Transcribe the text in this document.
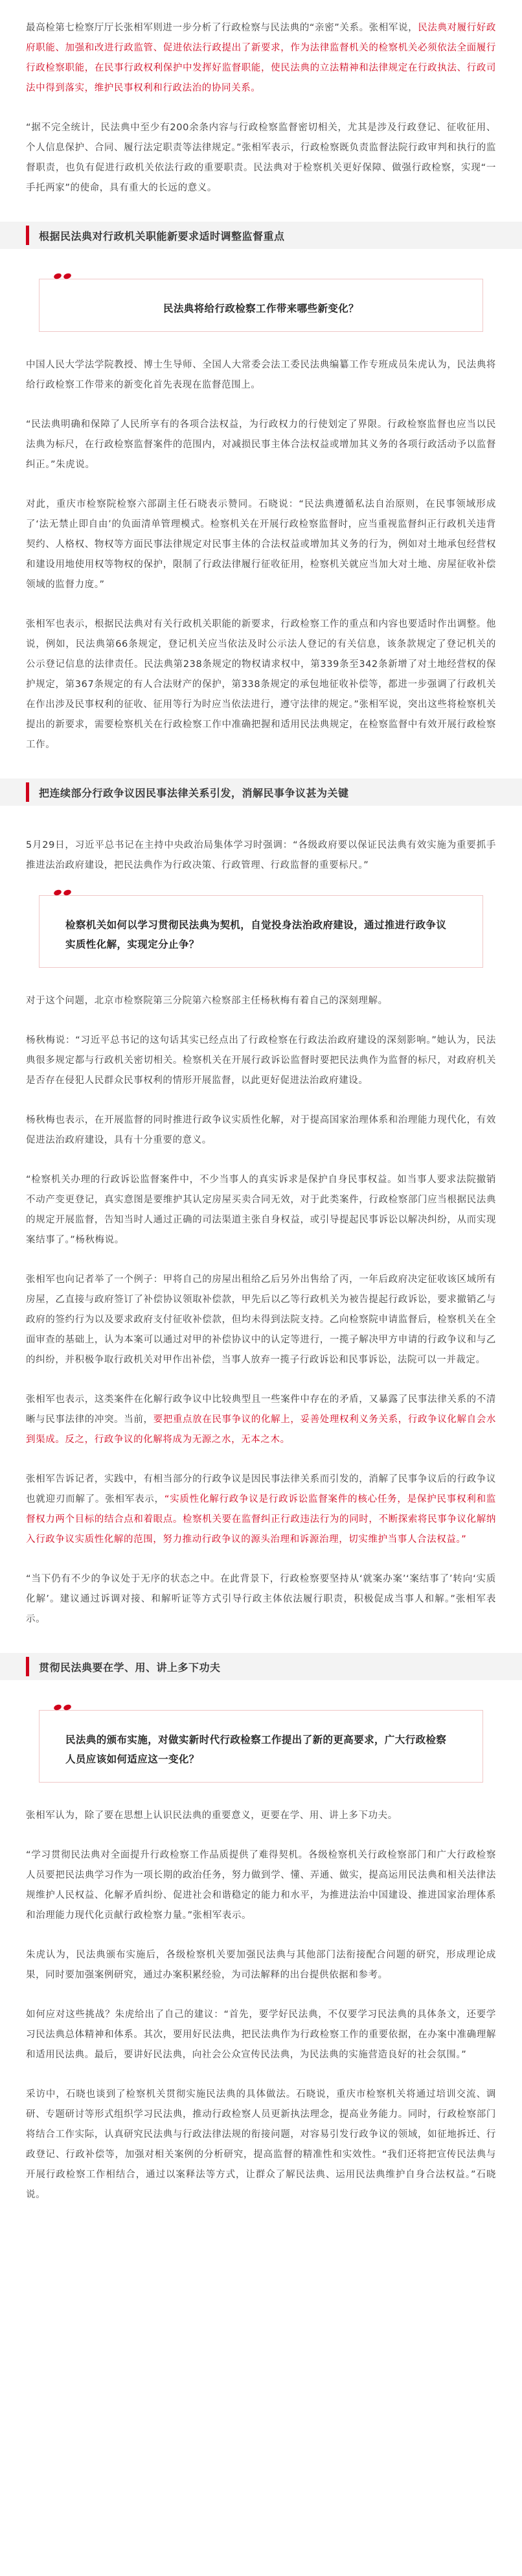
最高检第七检察厅厅长张相军则进一步分析了行政检察与民法典的“亲密”关系。张相军说，民法典对履行好政府职能、加强和改进行政监管、促进依法行政提出了新要求，作为法律监督机关的检察机关必须依法全面履行行政检察职能，在民事行政权利保护中发挥好监督职能，使民法典的立法精神和法律规定在行政执法、行政司法中得到落实，维护民事权利和行政法治的协同关系。

“据不完全统计，民法典中至少有200余条内容与行政检察监督密切相关，尤其是涉及行政登记、征收征用、个人信息保护、合同、履行法定职责等法律规定。”张相军表示，行政检察既负责监督法院行政审判和执行的监督职责，也负有促进行政机关依法行政的重要职责。民法典对于检察机关更好保障、做强行政检察，实现“一手托两家”的使命，具有重大的长远的意义。

根据民法典对行政机关职能新要求适时调整监督重点
民法典将给行政检察工作带来哪些新变化？

中国人民大学法学院教授、博士生导师、全国人大常委会法工委民法典编纂工作专班成员朱虎认为，民法典将给行政检察工作带来的新变化首先表现在监督范围上。

“民法典明确和保障了人民所享有的各项合法权益，为行政权力的行使划定了界限。行政检察监督也应当以民法典为标尺，在行政检察监督案件的范围内，对减损民事主体合法权益或增加其义务的各项行政活动予以监督纠正。”朱虎说。

对此，重庆市检察院检察六部副主任石晓表示赞同。石晓说：“民法典遵循私法自治原则，在民事领域形成了‘法无禁止即自由’的负面清单管理模式。检察机关在开展行政检察监督时，应当重视监督纠正行政机关违背契约、人格权、物权等方面民事法律规定对民事主体的合法权益或增加其义务的行为，例如对土地承包经营权和建设用地使用权等物权的保护，限制了行政法律履行征收征用，检察机关就应当加大对土地、房屋征收补偿领域的监督力度。”

张相军也表示，根据民法典对有关行政机关职能的新要求，行政检察工作的重点和内容也要适时作出调整。他说，例如，民法典第66条规定，登记机关应当依法及时公示法人登记的有关信息，该条款规定了登记机关的公示登记信息的法律责任。民法典第238条规定的物权请求权中，第339条至342条新增了对土地经营权的保护规定，第367条规定的有人合法财产的保护，第338条规定的承包地征收补偿等，都进一步强调了行政机关在作出涉及民事权利的征收、征用等行为时应当依法进行，遵守法律的规定。”张相军说，突出这些将检察机关提出的新要求，需要检察机关在行政检察工作中准确把握和适用民法典规定，在检察监督中有效开展行政检察工作。

把连续部分行政争议因民事法律关系引发，消解民事争议甚为关键

5月29日，习近平总书记在主持中央政治局集体学习时强调：“各级政府要以保证民法典有效实施为重要抓手推进法治政府建设，把民法典作为行政决策、行政管理、行政监督的重要标尺。”

检察机关如何以学习贯彻民法典为契机，自觉投身法治政府建设，通过推进行政争议实质性化解，实现定分止争？

对于这个问题，北京市检察院第三分院第六检察部主任杨秋梅有着自己的深刻理解。

杨秋梅说：“习近平总书记的这句话其实已经点出了行政检察在行政法治政府建设的深刻影响。”她认为，民法典很多规定都与行政机关密切相关。检察机关在开展行政诉讼监督时要把民法典作为监督的标尺，对政府机关是否存在侵犯人民群众民事权利的情形开展监督，以此更好促进法治政府建设。

杨秋梅也表示，在开展监督的同时推进行政争议实质性化解，对于提高国家治理体系和治理能力现代化，有效促进法治政府建设，具有十分重要的意义。

“检察机关办理的行政诉讼监督案件中，不少当事人的真实诉求是保护自身民事权益。如当事人要求法院撤销不动产变更登记，真实意图是要维护其认定房屋买卖合同无效，对于此类案件，行政检察部门应当根据民法典的规定开展监督，告知当时人通过正确的司法渠道主张自身权益，或引导提起民事诉讼以解决纠纷，从而实现案结事了。”杨秋梅说。

张相军也向记者举了一个例子：甲将自己的房屋出租给乙后另外出售给了丙，一年后政府决定征收该区域所有房屋，乙直接与政府签订了补偿协议领取补偿款，甲先后以乙等行政机关为被告提起行政诉讼，要求撤销乙与政府的签约行为以及要求政府支付征收补偿款，但均未得到法院支持。乙向检察院申请监督后，检察机关在全面审查的基础上，认为本案可以通过对甲的补偿协议中的认定等进行，一揽子解决甲方申请的行政争议和与乙的纠纷，并积极争取行政机关对甲作出补偿，当事人放弃一揽子行政诉讼和民事诉讼，法院可以一并裁定。

张相军也表示，这类案件在化解行政争议中比较典型且一些案件中存在的矛盾，又暴露了民事法律关系的不清晰与民事法律的冲突。当前，要把重点放在民事争议的化解上，妥善处理权利义务关系，行政争议化解自会水到渠成。反之，行政争议的化解将成为无源之水，无本之木。

张相军告诉记者，实践中，有相当部分的行政争议是因民事法律关系而引发的，消解了民事争议后的行政争议也就迎刃而解了。张相军表示，“实质性化解行政争议是行政诉讼监督案件的核心任务，是保护民事权利和监督权力两个目标的结合点和着眼点。检察机关要在监督纠正行政违法行为的同时，不断探索将民事争议化解纳入行政争议实质性化解的范围，努力推动行政争议的源头治理和诉源治理，切实维护当事人合法权益。”

“当下仍有不少的争议处于无序的状态之中。在此背景下，行政检察要坚持从‘就案办案’‘案结事了’转向‘实质化解’。建议通过诉调对接、和解听证等方式引导行政主体依法履行职责，积极促成当事人和解。”张相军表示。

贯彻民法典要在学、用、讲上多下功夫
民法典的颁布实施，对做实新时代行政检察工作提出了新的更高要求，广大行政检察人员应该如何适应这一变化？

张相军认为，除了要在思想上认识民法典的重要意义，更要在学、用、讲上多下功夫。

“学习贯彻民法典对全面提升行政检察工作品质提供了难得契机。各级检察机关行政检察部门和广大行政检察人员要把民法典学习作为一项长期的政治任务，努力做到学、懂、弄通、做实，提高运用民法典和相关法律法规维护人民权益、化解矛盾纠纷、促进社会和谐稳定的能力和水平，为推进法治中国建设、推进国家治理体系和治理能力现代化贡献行政检察力量。”张相军表示。

朱虎认为，民法典颁布实施后，各级检察机关要加强民法典与其他部门法衔接配合问题的研究，形成理论成果，同时要加强案例研究，通过办案积累经验，为司法解释的出台提供依据和参考。

如何应对这些挑战？朱虎给出了自己的建议：“首先，要学好民法典，不仅要学习民法典的具体条文，还要学习民法典总体精神和体系。其次，要用好民法典，把民法典作为行政检察工作的重要依据，在办案中准确理解和适用民法典。最后，要讲好民法典，向社会公众宣传民法典，为民法典的实施营造良好的社会氛围。”

采访中，石晓也谈到了检察机关贯彻实施民法典的具体做法。石晓说，重庆市检察机关将通过培训交流、调研、专题研讨等形式组织学习民法典，推动行政检察人员更新执法理念，提高业务能力。同时，行政检察部门将结合工作实际，认真研究民法典与行政法律法规的衔接问题，对容易引发行政争议的领域，如征地拆迁、行政登记、行政补偿等，加强对相关案例的分析研究，提高监督的精准性和实效性。“我们还将把宣传民法典与开展行政检察工作相结合，通过以案释法等方式，让群众了解民法典、运用民法典维护自身合法权益。”石晓说。
